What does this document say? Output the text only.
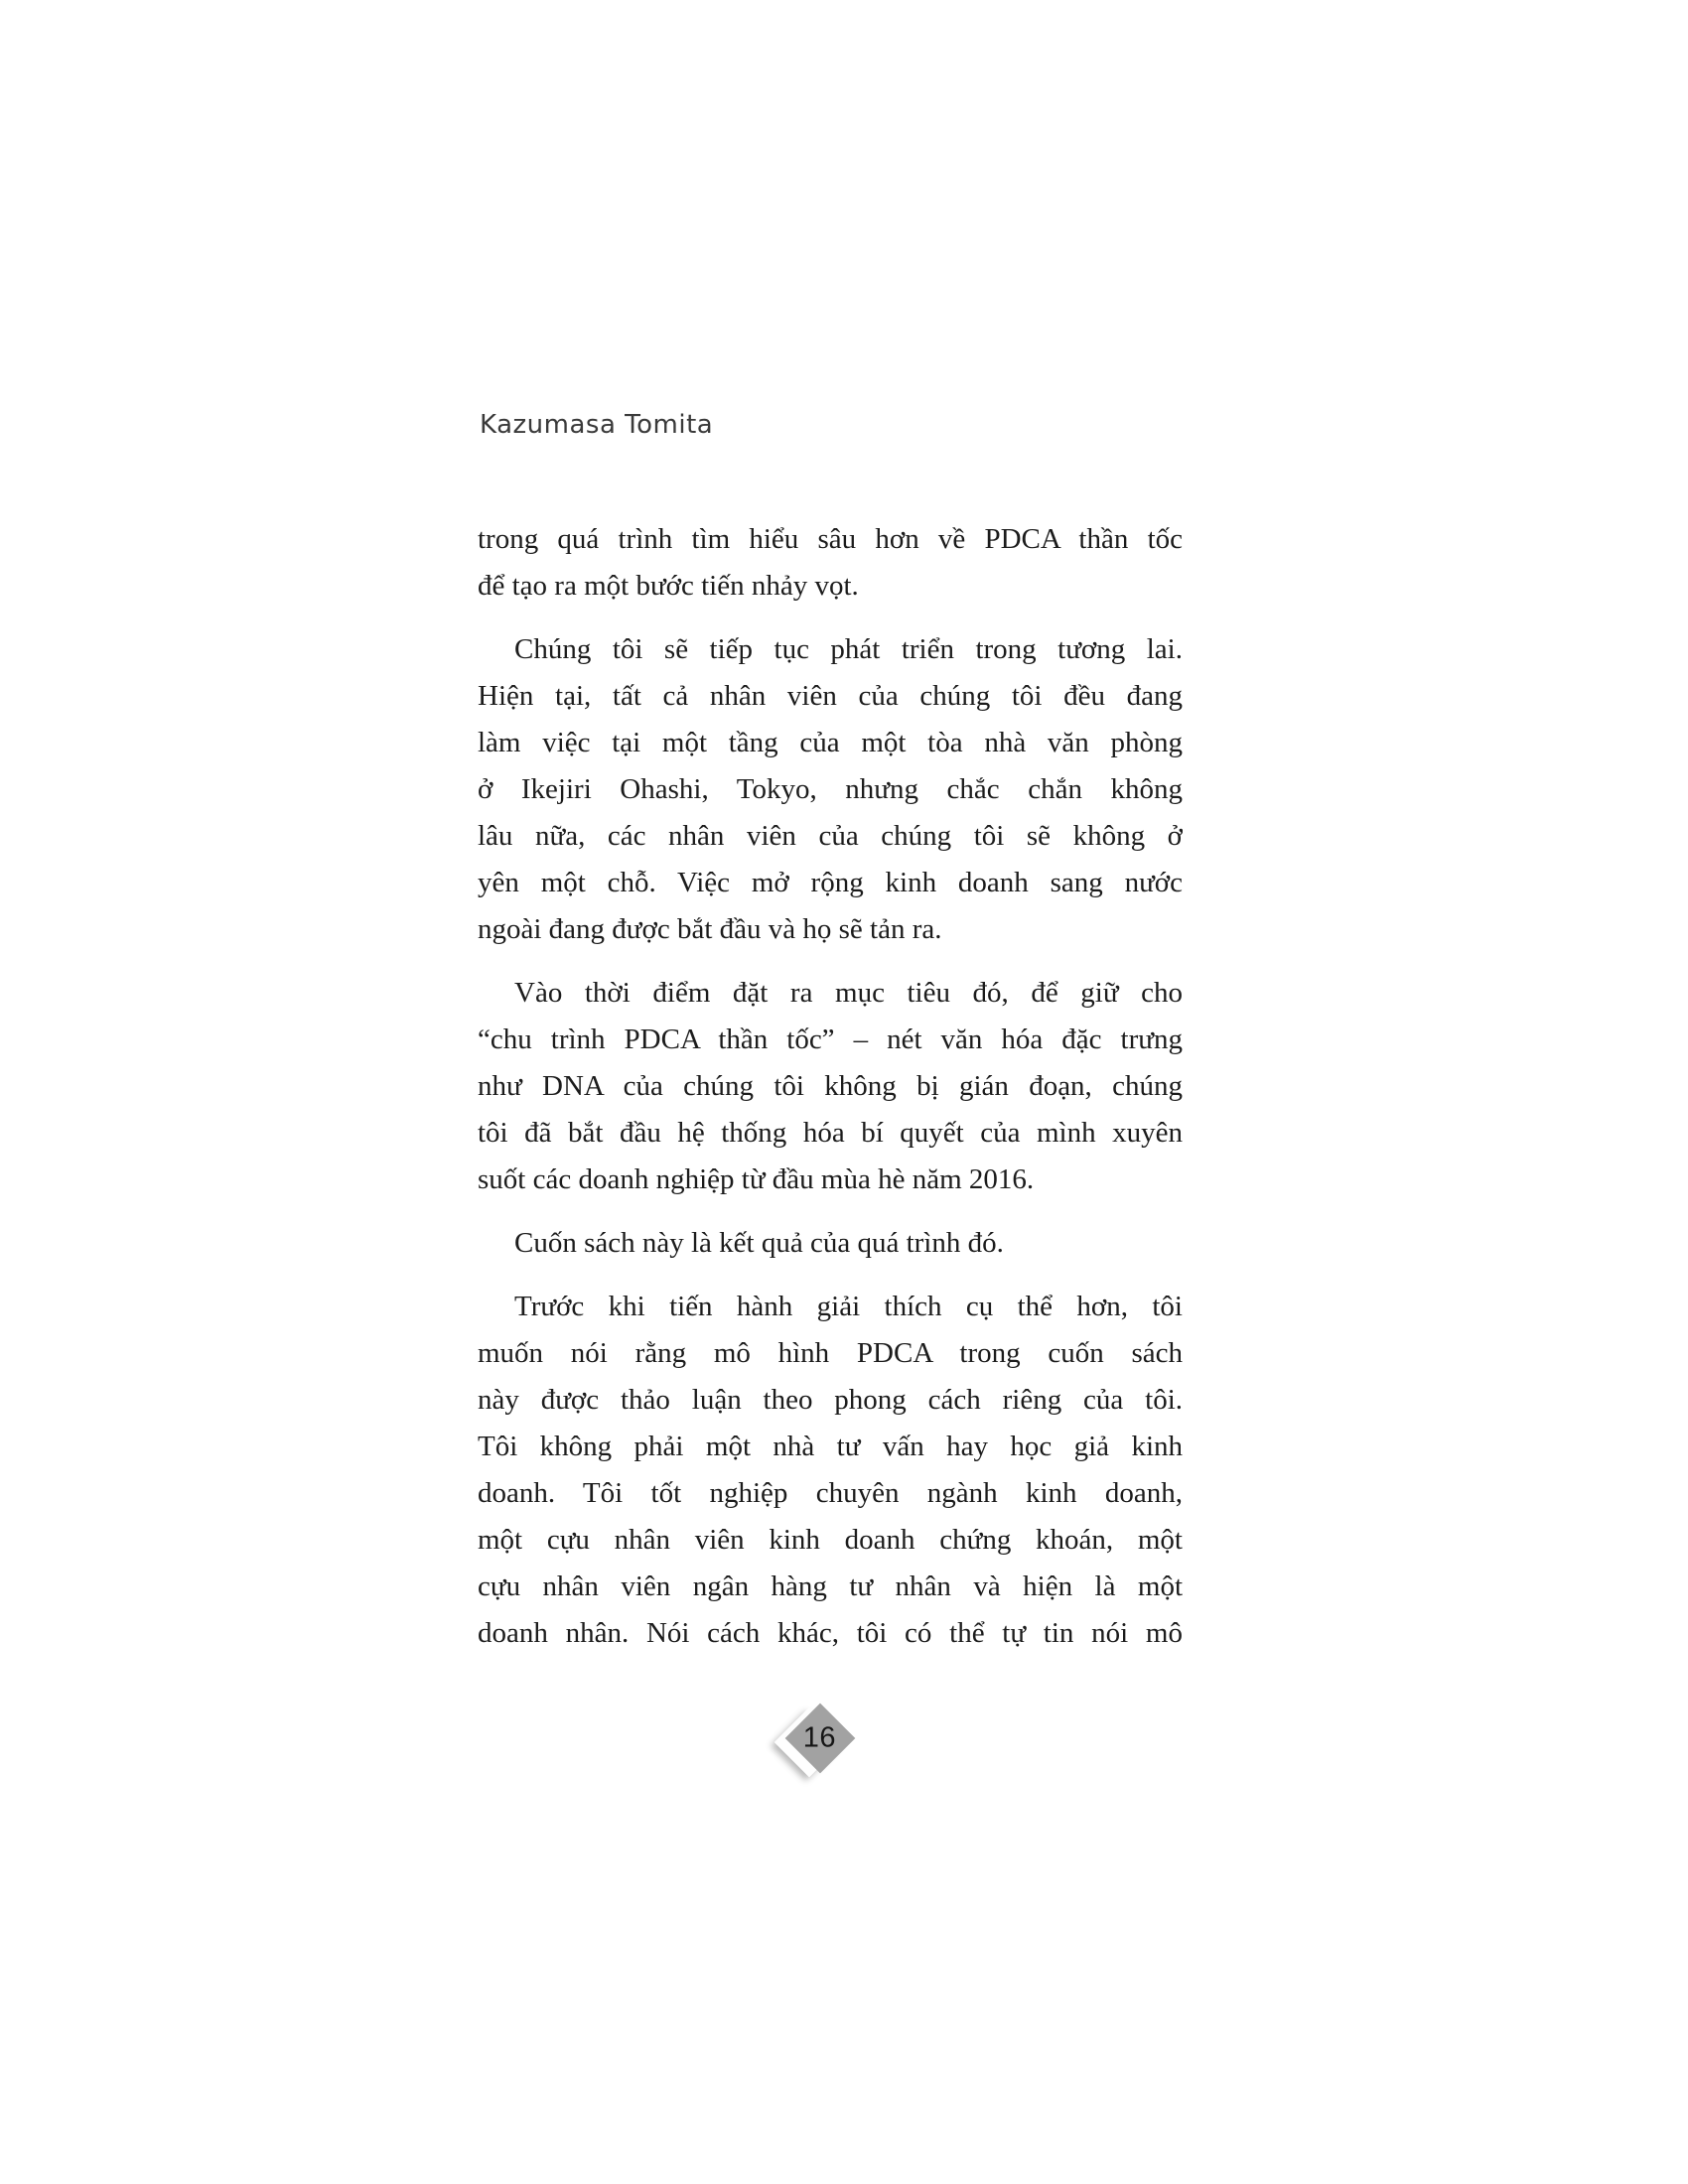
Kazumasa Tomita
trong quá trình tìm hiểu sâu hơn về PDCA thần tốc
để tạo ra một bước tiến nhảy vọt.
Chúng tôi sẽ tiếp tục phát triển trong tương lai.
Hiện tại, tất cả nhân viên của chúng tôi đều đang
làm việc tại một tầng của một tòa nhà văn phòng
ở Ikejiri Ohashi, Tokyo, nhưng chắc chắn không
lâu nữa, các nhân viên của chúng tôi sẽ không ở
yên một chỗ. Việc mở rộng kinh doanh sang nước
ngoài đang được bắt đầu và họ sẽ tản ra.
Vào thời điểm đặt ra mục tiêu đó, để giữ cho
“chu trình PDCA thần tốc” – nét văn hóa đặc trưng
như DNA của chúng tôi không bị gián đoạn, chúng
tôi đã bắt đầu hệ thống hóa bí quyết của mình xuyên
suốt các doanh nghiệp từ đầu mùa hè năm 2016.
Cuốn sách này là kết quả của quá trình đó.
Trước khi tiến hành giải thích cụ thể hơn, tôi
muốn nói rằng mô hình PDCA trong cuốn sách
này được thảo luận theo phong cách riêng của tôi.
Tôi không phải một nhà tư vấn hay học giả kinh
doanh. Tôi tốt nghiệp chuyên ngành kinh doanh,
một cựu nhân viên kinh doanh chứng khoán, một
cựu nhân viên ngân hàng tư nhân và hiện là một
doanh nhân. Nói cách khác, tôi có thể tự tin nói mô
16
